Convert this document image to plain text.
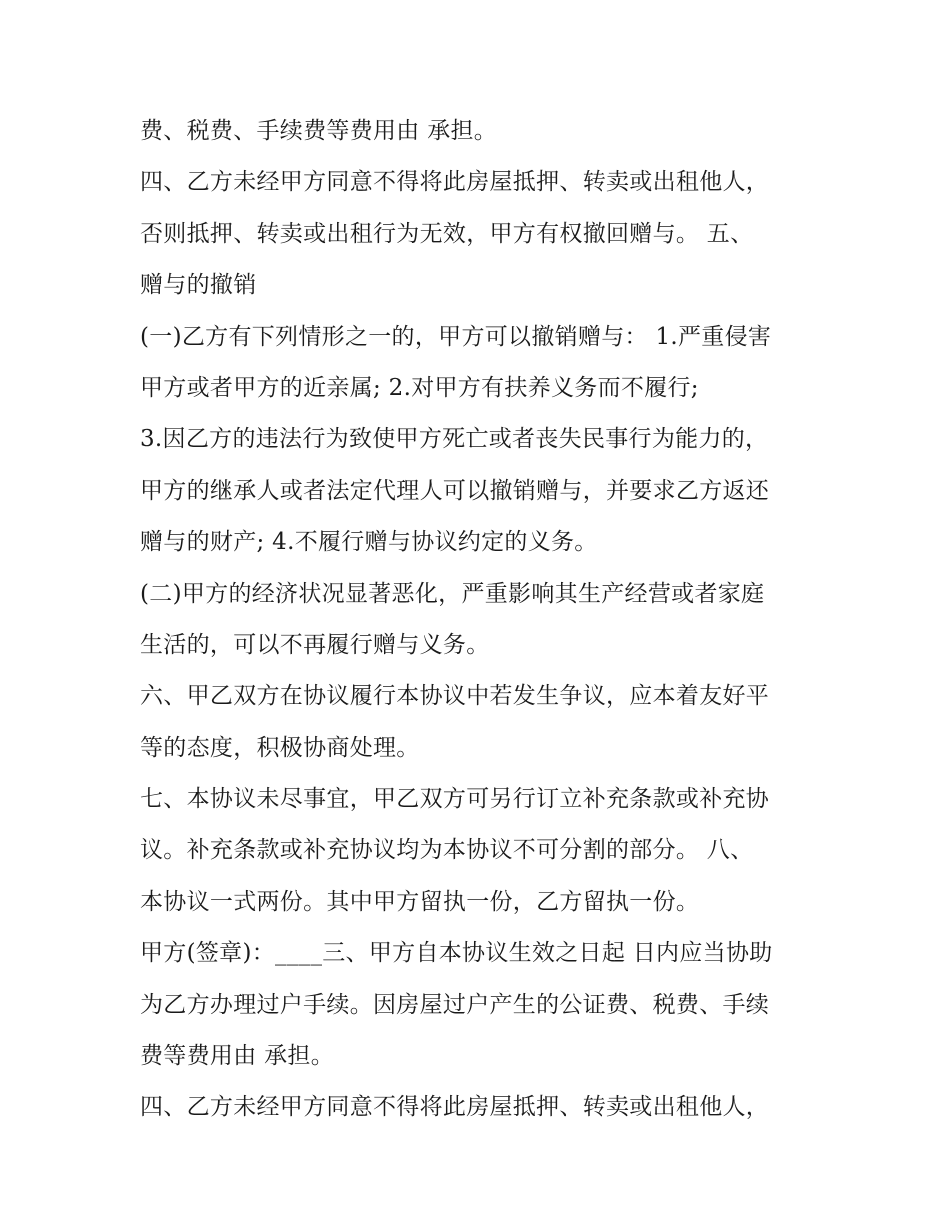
费、税费、手续费等费用由 承担。
四、乙方未经甲方同意不得将此房屋抵押、转卖或出租他人，
否则抵押、转卖或出租行为无效，甲方有权撤回赠与。 五、
赠与的撤销
(一)乙方有下列情形之一的，甲方可以撤销赠与： 1.严重侵害
甲方或者甲方的近亲属; 2.对甲方有扶养义务而不履行;
3.因乙方的违法行为致使甲方死亡或者丧失民事行为能力的，
甲方的继承人或者法定代理人可以撤销赠与，并要求乙方返还
赠与的财产; 4.不履行赠与协议约定的义务。
(二)甲方的经济状况显著恶化，严重影响其生产经营或者家庭
生活的，可以不再履行赠与义务。
六、甲乙双方在协议履行本协议中若发生争议，应本着友好平
等的态度，积极协商处理。
七、本协议未尽事宜，甲乙双方可另行订立补充条款或补充协
议。补充条款或补充协议均为本协议不可分割的部分。 八、
本协议一式两份。其中甲方留执一份，乙方留执一份。
甲方(签章)：____三、甲方自本协议生效之日起 日内应当协助
为乙方办理过户手续。因房屋过户产生的公证费、税费、手续
费等费用由 承担。
四、乙方未经甲方同意不得将此房屋抵押、转卖或出租他人，
